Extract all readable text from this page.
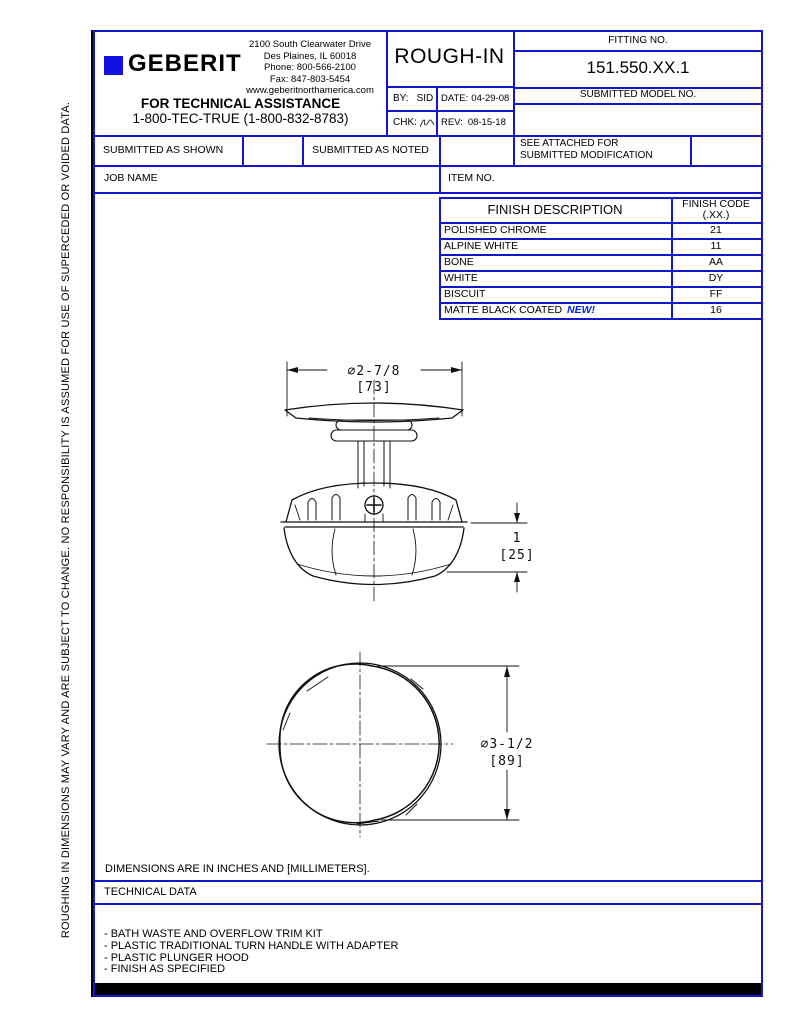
ROUGHING IN DIMENSIONS MAY VARY AND ARE SUBJECT TO CHANGE. NO RESPONSIBILITY IS ASSUMED FOR USE OF SUPERCEDED OR VOIDED DATA.
GEBERIT
2100 South Clearwater Drive
Des Plaines, IL 60018
Phone: 800-566-2100
Fax: 847-803-5454
www.geberitnorthamerica.com
FOR TECHNICAL ASSISTANCE
1-800-TEC-TRUE (1-800-832-8783)
ROUGH-IN
BY: SID DATE: 04-29-08
CHK:	REV: 08-15-18
FITTING NO.
151.550.XX.1
SUBMITTED MODEL NO.
SUBMITTED AS SHOWN	SUBMITTED AS NOTED
SEE ATTACHED FOR
SUBMITTED MODIFICATION
JOB NAME	ITEM NO.
FINISH DESCRIPTION	FINISH CODE
(.XX.)
POLISHED CHROME	21
ALPINE WHITE	11
BONE	AA
WHITE	DY
BISCUIT	FF
MATTE BLACK COATED NEW!	16
∅2-7/8
[73]
1
[25]
∅3-1/2
[89]
DIMENSIONS ARE IN INCHES AND [MILLIMETERS].
TECHNICAL DATA
- BATH WASTE AND OVERFLOW TRIM KIT
- PLASTIC TRADITIONAL TURN HANDLE WITH ADAPTER
- PLASTIC PLUNGER HOOD
- FINISH AS SPECIFIED
